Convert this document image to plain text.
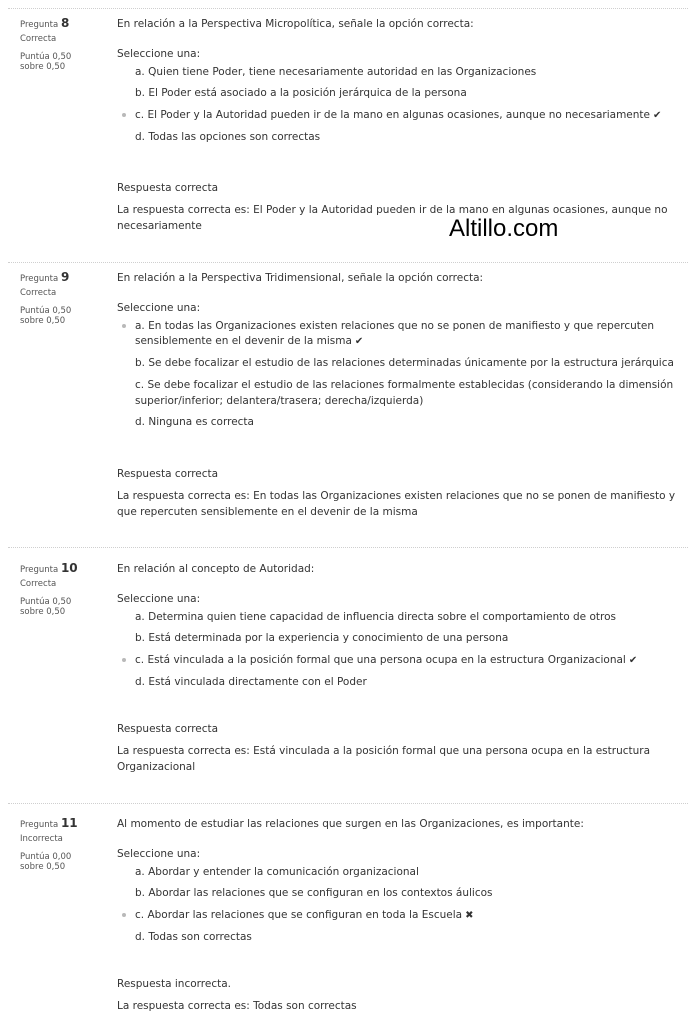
Pregunta 8
Correcta
Puntúa 0,50
sobre 0,50
En relación a la Perspectiva Micropolítica, señale la opción correcta:
Seleccione una:
a. Quien tiene Poder, tiene necesariamente autoridad en las Organizaciones
b. El Poder está asociado a la posición jerárquica de la persona
c. El Poder y la Autoridad pueden ir de la mano en algunas ocasiones, aunque no necesariamente ✔
d. Todas las opciones son correctas
Respuesta correcta
La respuesta correcta es: El Poder y la Autoridad pueden ir de la mano en algunas ocasiones, aunque no necesariamente	Altillo.com
Pregunta 9
Correcta
Puntúa 0,50
sobre 0,50
En relación a la Perspectiva Tridimensional, señale la opción correcta:
Seleccione una:
a. En todas las Organizaciones existen relaciones que no se ponen de manifiesto y que repercuten sensiblemente en el devenir de la misma ✔
b. Se debe focalizar el estudio de las relaciones determinadas únicamente por la estructura jerárquica
c. Se debe focalizar el estudio de las relaciones formalmente establecidas (considerando la dimensión superior/inferior; delantera/trasera; derecha/izquierda)
d. Ninguna es correcta
Respuesta correcta
La respuesta correcta es: En todas las Organizaciones existen relaciones que no se ponen de manifiesto y que repercuten sensiblemente en el devenir de la misma
Pregunta 10
Correcta
Puntúa 0,50
sobre 0,50
En relación al concepto de Autoridad:
Seleccione una:
a. Determina quien tiene capacidad de influencia directa sobre el comportamiento de otros
b. Está determinada por la experiencia y conocimiento de una persona
c. Está vinculada a la posición formal que una persona ocupa en la estructura Organizacional ✔
d. Está vinculada directamente con el Poder
Respuesta correcta
La respuesta correcta es: Está vinculada a la posición formal que una persona ocupa en la estructura Organizacional
Pregunta 11
Incorrecta
Puntúa 0,00
sobre 0,50
Al momento de estudiar las relaciones que surgen en las Organizaciones, es importante:
Seleccione una:
a. Abordar y entender la comunicación organizacional
b. Abordar las relaciones que se configuran en los contextos áulicos
c. Abordar las relaciones que se configuran en toda la Escuela ✖
d. Todas son correctas
Respuesta incorrecta.
La respuesta correcta es: Todas son correctas
